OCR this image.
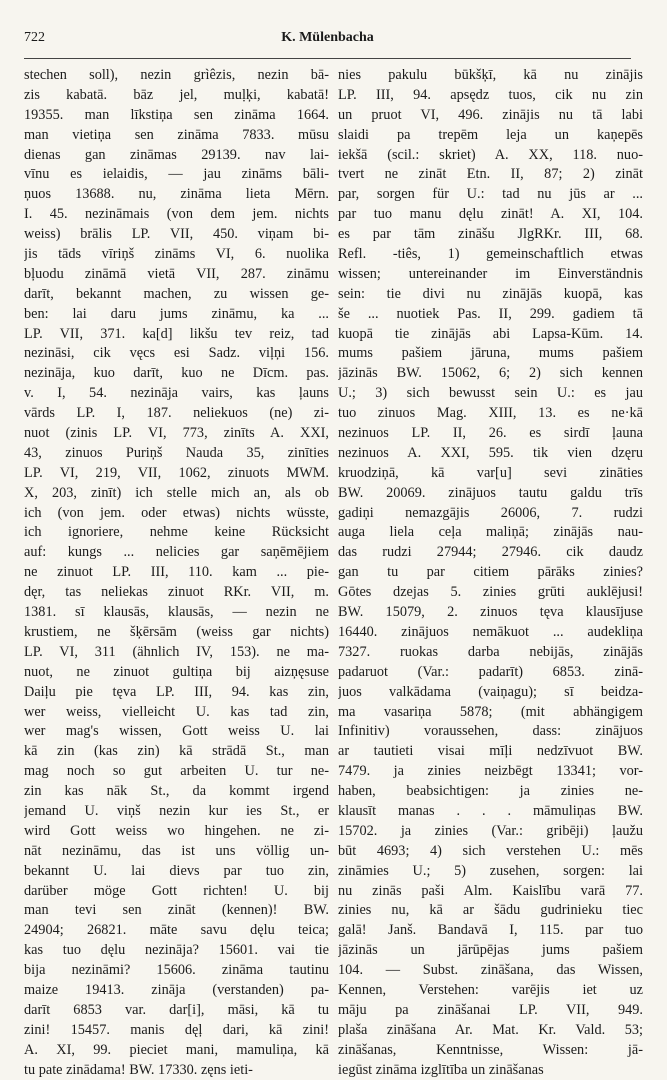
722	K. Mülenbacha
stechen soll), nezin grìêzis, nezin bā-
zis kabatā. bāz jel, muḷķi, kabatā!
19355. man līkstiņa sen zināma 1664.
man vietiņa sen zināma 7833. mūsu
dienas gan zināmas 29139. nav lai-
vīnu es ielaidis, — jau zināms bāli-
ņuos 13688. nu, zināma lieta Mērn.
I. 45. nezināmais (von dem jem. nichts
weiss) brālis LP. VII, 450. viņam bi-
jis tāds vīriņš zināms VI, 6. nuolika
bļuodu zināmā vietā VII, 287. zināmu
darīt, bekannt machen, zu wissen ge-
ben: lai daru jums zināmu, ka ...
LP. VII, 371. ka[d] likšu tev reiz, tad
nezināsi, cik vęcs esi Sadz. viļņi 156.
nezināja, kuo darīt, kuo ne Dīcm. pas.
v. I, 54. nezināja vairs, kas ļauns
vārds LP. I, 187. neliekuos (ne) zi-
nuot (zinis LP. VI, 773, zinīts A. XXI,
43, zinuos Puriņš Nauda 35, zinīties
LP. VI, 219, VII, 1062, zinuots MWM.
X, 203, zinīt) ich stelle mich an, als ob
ich (von jem. oder etwas) nichts wüsste,
ich ignoriere, nehme keine Rücksicht
auf: kungs ... nelicies gar saņēmējiem
ne zinuot LP. III, 110. kam ... pie-
dęr, tas neliekas zinuot RKr. VII, m.
1381. sī klausās, klausās, — nezin ne
krustiem, ne šķērsām (weiss gar nichts)
LP. VI, 311 (ähnlich IV, 153). ne ma-
nuot, ne zinuot gultiņa bij aizņęsuse
Daiļu pie tęva LP. III, 94. kas zin,
wer weiss, vielleicht U. kas tad zin,
wer mag's wissen, Gott weiss U. lai
kā zin (kas zin) kā strādā St., man
mag noch so gut arbeiten U. tur ne-
zin kas nāk St., da kommt irgend
jemand U. viņš nezin kur ies St., er
wird Gott weiss wo hingehen. ne zi-
nāt nezināmu, das ist uns völlig un-
bekannt U. lai dievs par tuo zin,
darüber möge Gott richten! U. bij
man tevi sen zināt (kennen)! BW.
24904; 26821. māte savu dęlu teica;
kas tuo dęlu nezināja? 15601. vai tie
bija nezināmi? 15606. zināma tautinu
maize 19413. zināja (verstanden) pa-
darīt 6853 var. dar[i], māsi, kā tu
zini! 15457. manis dęļ dari, kā zini!
A. XI, 99. pieciet mani, mamuliņa, kā
tu pate zinādama! BW. 17330. zęns ieti-
nies pakulu būkšķī, kā nu zinājis
LP. III, 94. apsędz tuos, cik nu zin
un pruot VI, 496. zinājis nu tā labi
slaidi pa trepēm leja un kaņepēs
iekšā (scil.: skriet) A. XX, 118. nuo-
tvert ne zināt Etn. II, 87; 2) zināt
par, sorgen für U.: tad nu jūs ar ...
par tuo manu dęlu zināt! A. XI, 104.
es par tām zināšu JlgRKr. III, 68.
Refl. -tiês, 1) gemeinschaftlich etwas
wissen; untereinander im Einverständnis
sein: tie divi nu zinājās kuopā, kas
še ... nuotiek Pas. II, 299. gadiem tā
kuopā tie zinājās abi Lapsa-Kūm. 14.
mums pašiem jāruna, mums pašiem
jāzinās BW. 15062, 6; 2) sich kennen
U.; 3) sich bewusst sein U.: es jau
tuo zinuos Mag. XIII, 13. es ne·kā
nezinuos LP. II, 26. es sirdī ļauna
nezinuos A. XXI, 595. tik vien dzęru
kruodziņā, kā var[u] sevi zināties
BW. 20069. zinājuos tautu galdu trīs
gadiņi nemazgājis 26006, 7. rudzi
auga liela ceļa maliņā; zinājās nau-
das rudzi 27944; 27946. cik daudz
gan tu par citiem pārāks zinies?
Gōtes dzejas 5. zinies grūti auklējusi!
BW. 15079, 2. zinuos tęva klausījuse
16440. zinājuos nemākuot ... audekliņa
7327. ruokas darba nebijās, zinājās
padaruot (Var.: padarīt) 6853. zinā-
juos valkādama (vaiņagu); sī beidza-
ma vasariņa 5878; (mit abhängigem
Infinitiv) voraussehen, dass: zinājuos
ar tautieti visai mīļi nedzīvuot BW.
7479. ja zinies neizbēgt 13341; vor-
haben, beabsichtigen: ja zinies ne-
klausīt manas . . . māmuliņas BW.
15702. ja zinies (Var.: gribēji) ļaužu
būt 4693; 4) sich verstehen U.: mēs
zināmies U.; 5) zusehen, sorgen: lai
nu zinās paši Alm. Kaislību varā 77.
zinies nu, kā ar šādu gudrinieku tiec
galā! Janš. Bandavā I, 115. par tuo
jāzinās un jārūpējas jums pašiem
104. — Subst. zināšana, das Wissen,
Kennen, Verstehen: varējis iet uz
māju pa zināšanai LP. VII, 949.
plaša zināšana Ar. Mat. Kr. Vald. 53;
zināšanas, Kenntnisse, Wissen: jā-
iegūst zināma izglītība un zināšanas
